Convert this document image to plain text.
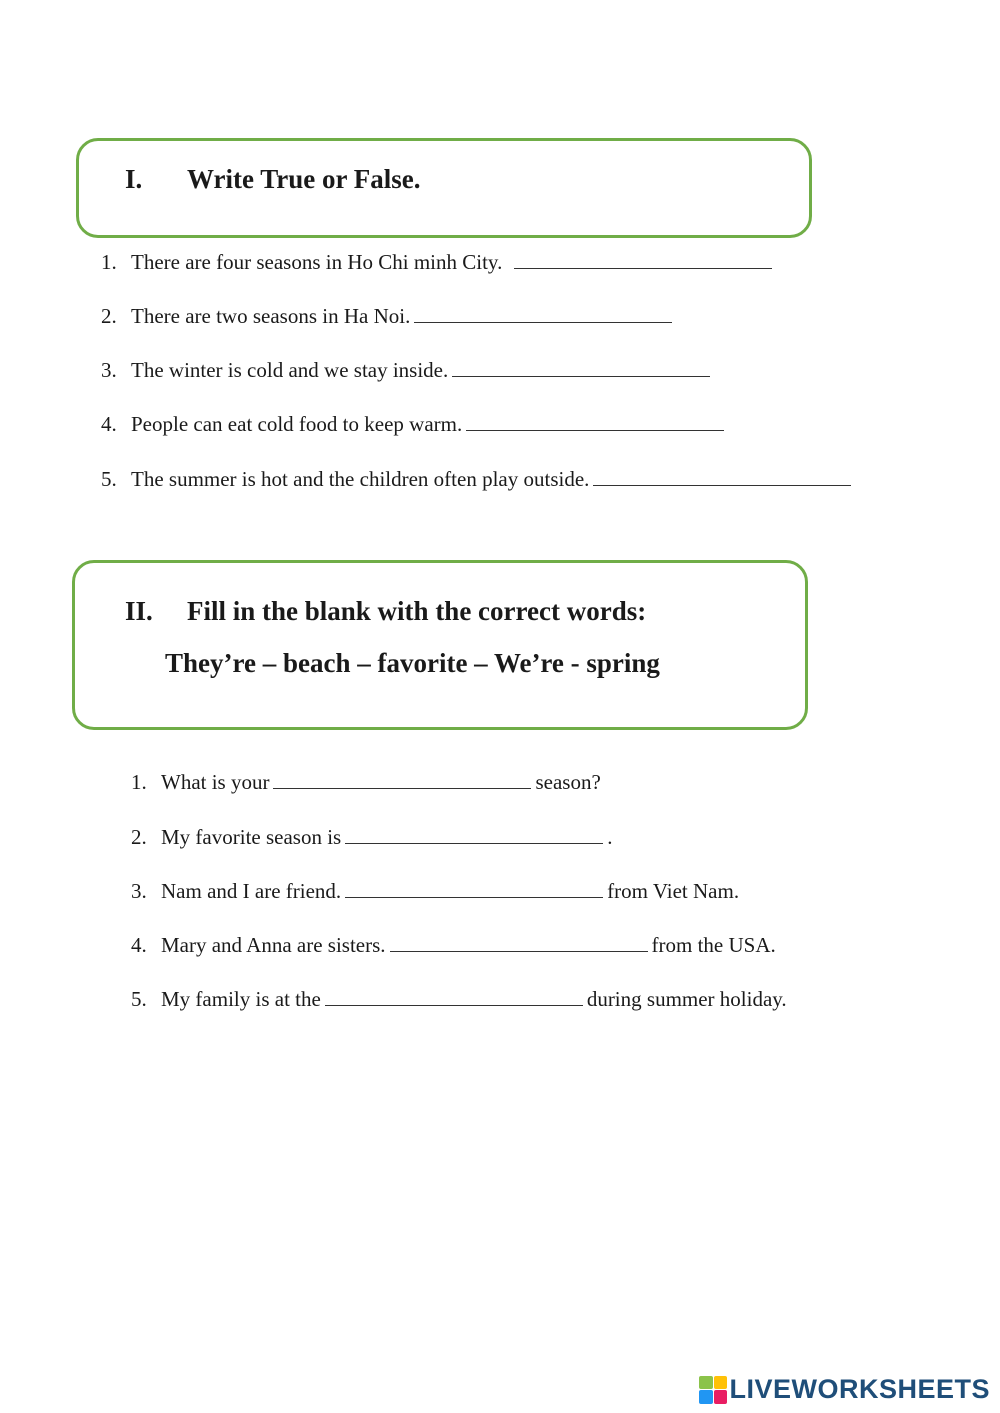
I. Write True or False.
1. There are four seasons in Ho Chi minh City.
2. There are two seasons in Ha Noi.
3. The winter is cold and we stay inside.
4. People can eat cold food to keep warm.
5. The summer is hot and the children often play outside.
II. Fill in the blank with the correct words:
They’re – beach – favorite – We’re - spring
1. What is your	season?
2. My favorite season is	.
3. Nam and I are friend.	from Viet Nam.
4. Mary and Anna are sisters.	from the USA.
5. My family is at the	during summer holiday.
LIVEWORKSHEETS
